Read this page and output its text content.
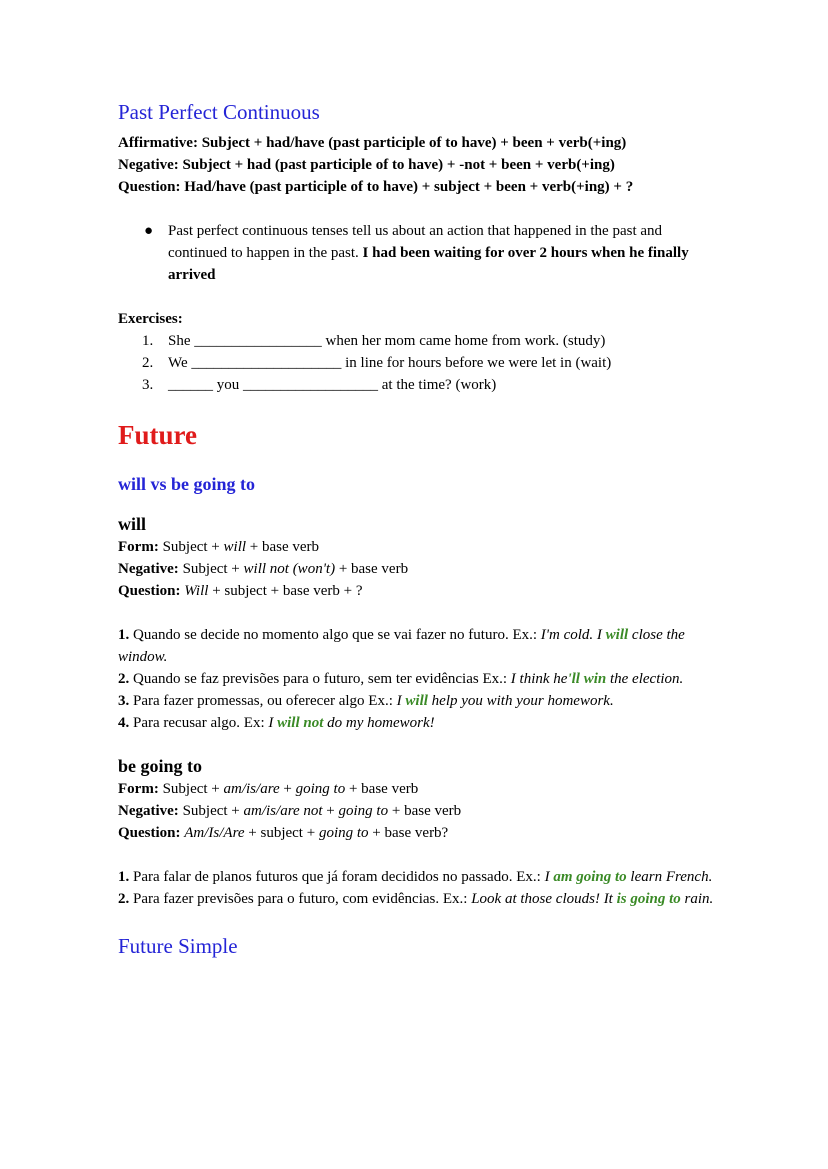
Past Perfect Continuous

Affirmative: Subject + had/have (past participle of to have) + been + verb(+ing)

Negative: Subject + had (past participle of to have) + -not + been + verb(+ing)

Question: Had/have (past participle of to have) + subject + been + verb(+ing) + ?

● Past perfect continuous tenses tell us about an action that happened in the past and continued to happen in the past. I had been waiting for over 2 hours when he finally arrived

Exercises:

1. She _________________ when her mom came home from work. (study)
2. We ____________________ in line for hours before we were let in (wait)
3. ______ you __________________ at the time? (work)
Future
will vs be going to
will

Form: Subject + will + base verb

Negative: Subject + will not (won't) + base verb

Question: Will + subject + base verb + ?

1. Quando se decide no momento algo que se vai fazer no futuro. Ex.: I'm cold. I will close the window.

2. Quando se faz previsões para o futuro, sem ter evidências Ex.: I think he'll win the election.

3. Para fazer promessas, ou oferecer algo Ex.: I will help you with your homework.

4. Para recusar algo. Ex: I will not do my homework!

be going to

Form: Subject + am/is/are + going to + base verb

Negative: Subject + am/is/are not + going to + base verb

Question: Am/Is/Are + subject + going to + base verb?

1. Para falar de planos futuros que já foram decididos no passado. Ex.: I am going to learn French.

2. Para fazer previsões para o futuro, com evidências. Ex.: Look at those clouds! It is going to rain.

Future Simple
